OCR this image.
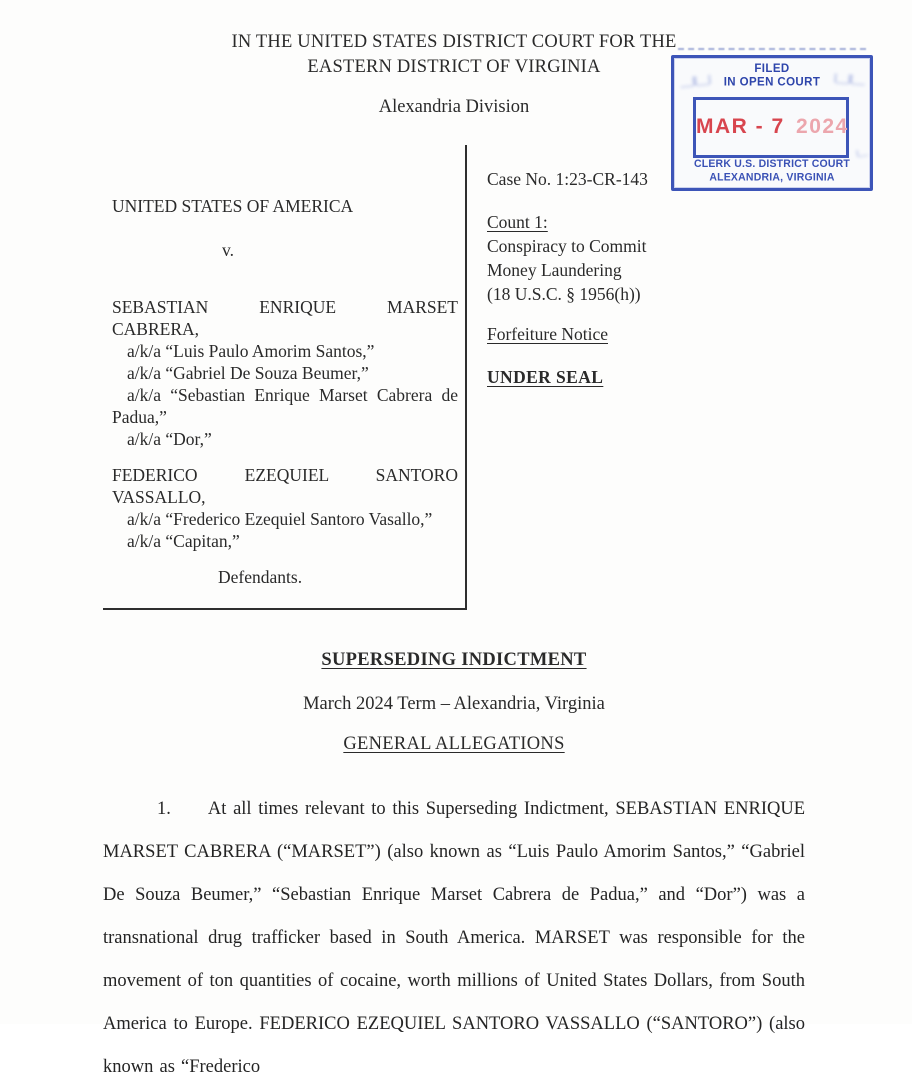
IN THE UNITED STATES DISTRICT COURT FOR THE
EASTERN DISTRICT OF VIRGINIA
Alexandria Division
﹏᎒᎒﹏᎒	᎒﹏᎒᎒﹏
᎒﹏
FILED
IN OPEN COURT
MAR - 7 2024
CLERK U.S. DISTRICT COURT
ALEXANDRIA, VIRGINIA
UNITED STATES OF AMERICA
v.
SEBASTIAN ENRIQUE MARSET
CABRERA,
a/k/a “Luis Paulo Amorim Santos,”
a/k/a “Gabriel De Souza Beumer,”
a/k/a “Sebastian Enrique Marset Cabrera de Padua,”
a/k/a “Dor,”
FEDERICO EZEQUIEL SANTORO
VASSALLO,
a/k/a “Frederico Ezequiel Santoro Vasallo,”
a/k/a “Capitan,”
Defendants.
Case No. 1:23-CR-143
Count 1:
Conspiracy to Commit
Money Laundering
(18 U.S.C. § 1956(h))
Forfeiture Notice
UNDER SEAL
SUPERSEDING INDICTMENT
March 2024 Term – Alexandria, Virginia
GENERAL ALLEGATIONS

1. At all times relevant to this Superseding Indictment, SEBASTIAN ENRIQUE MARSET CABRERA (“MARSET”) (also known as “Luis Paulo Amorim Santos,” “Gabriel De Souza Beumer,” “Sebastian Enrique Marset Cabrera de Padua,” and “Dor”) was a transnational drug trafficker based in South America. MARSET was responsible for the movement of ton quantities of cocaine, worth millions of United States Dollars, from South America to Europe. FEDERICO EZEQUIEL SANTORO VASSALLO (“SANTORO”) (also known as “Frederico
